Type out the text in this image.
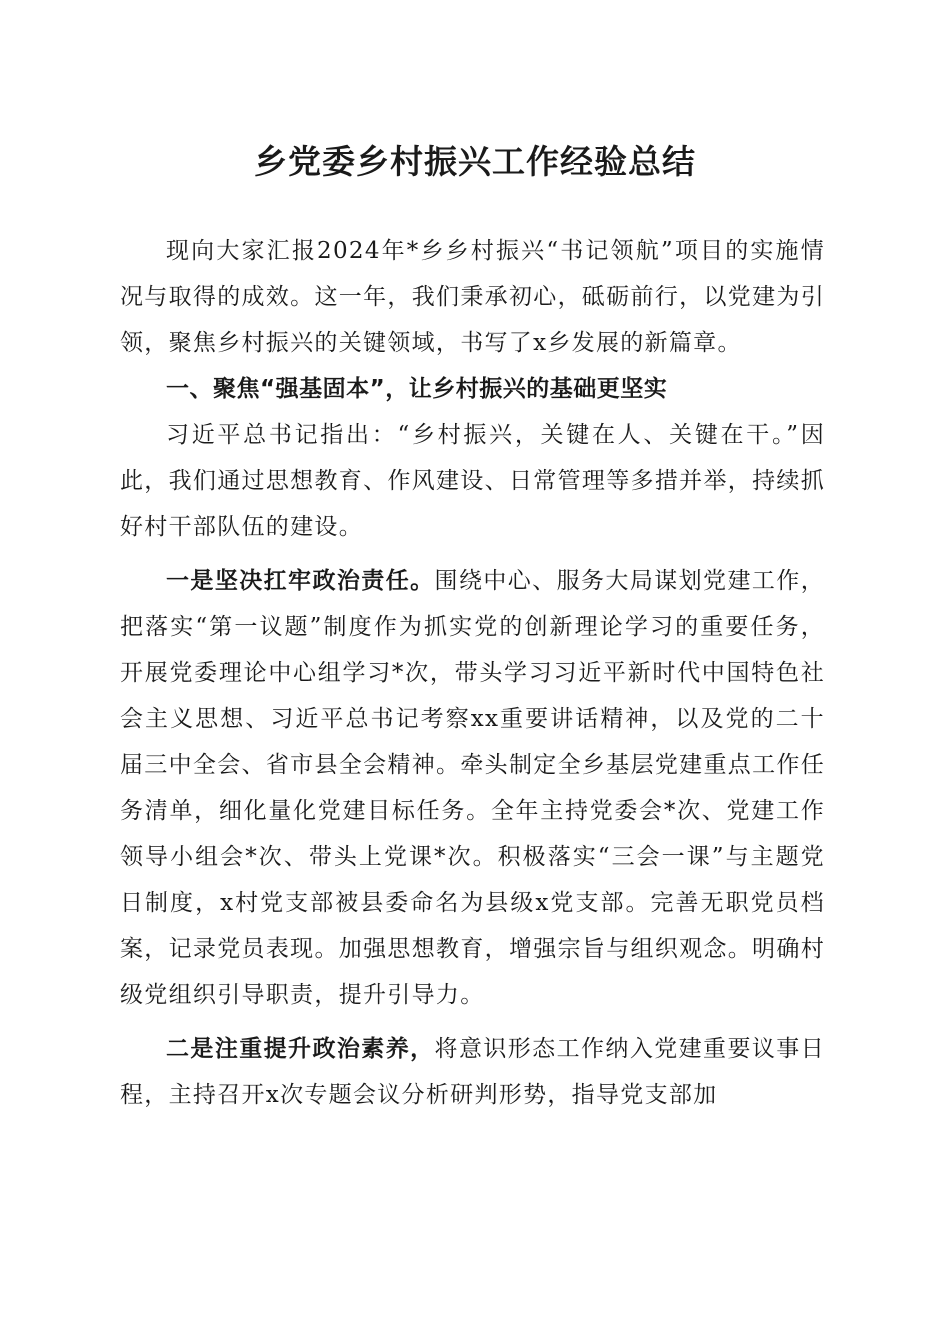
乡党委乡村振兴工作经验总结

现向大家汇报2024年*乡乡村振兴“书记领航”项目的实施情况与取得的成效。这一年，我们秉承初心，砥砺前行，以党建为引领，聚焦乡村振兴的关键领域，书写了x乡发展的新篇章。

一、聚焦“强基固本”，让乡村振兴的基础更坚实

习近平总书记指出：“乡村振兴，关键在人、关键在干。”因此，我们通过思想教育、作风建设、日常管理等多措并举，持续抓好村干部队伍的建设。

一是坚决扛牢政治责任。围绕中心、服务大局谋划党建工作，把落实“第一议题”制度作为抓实党的创新理论学习的重要任务，开展党委理论中心组学习*次，带头学习习近平新时代中国特色社会主义思想、习近平总书记考察xx重要讲话精神，以及党的二十届三中全会、省市县全会精神。牵头制定全乡基层党建重点工作任务清单，细化量化党建目标任务。全年主持党委会*次、党建工作领导小组会*次、带头上党课*次。积极落实“三会一课”与主题党日制度，x村党支部被县委命名为县级x党支部。完善无职党员档案，记录党员表现。加强思想教育，增强宗旨与组织观念。明确村级党组织引导职责，提升引导力。

二是注重提升政治素养，将意识形态工作纳入党建重要议事日程，主持召开x次专题会议分析研判形势，指导党支部加
